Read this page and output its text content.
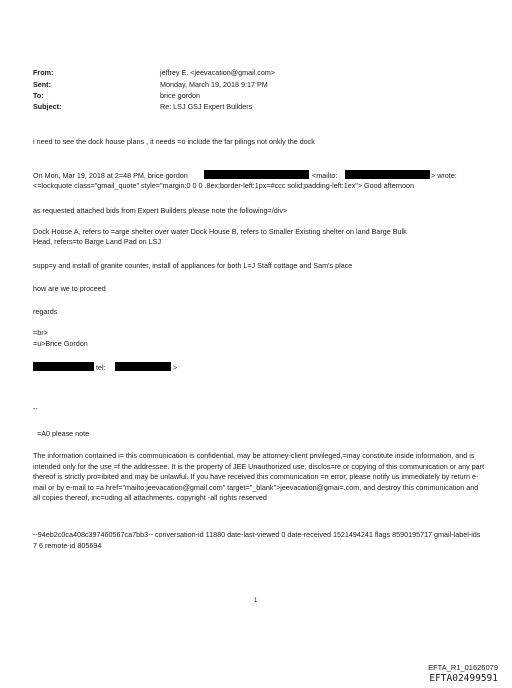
From:	jeffrey E. <jeevacation@gmail.com>
Sent:	Monday, March 19, 2018 9:17 PM
To:	brice gordon
Subject:	Re: LSJ GSJ Expert Builders
i need to see the dock house plans , it needs =o include the far pilings not onkly the dock
On Mon, Mar 19, 2018 at 2=48 PM, brice gordon	<mailto:	> wrote:
<=lockquote class="gmail_quote" style="margin:0 0 0 .8ex;border-left:1px=#ccc solid;padding-left:1ex"> Good afternoon
as requested attached bids from Expert Builders please note the following=/div>
Dock House A, refers to =arge shelter over water Dock House B, refers to Smaller Existing shelter on land Barge Bulk
Head, refers=to Barge Land Pad on LSJ
supp=y and install of granite counter, install of appliances for both L=J Staff cottage and Sam's place
how are we to proceed
regards
=br>
=u>Brice Gordon
tel:	>
--
=A0 please note
The information contained i= this communication is confidential, may be attorney-client privileged,=may constitute inside information, and is intended only for the use =f the addressee. It is the property of JEE Unauthorized use, disclos=re or copying of this communication or any part thereof is strictly pro=ibited and may be unlawful. If you have received this communication =n error, please notify us immediately by return e-mail or by e-mail to =a href="mailto:jeevacation@gmail.com" target="_blank">jeevacation@gmai=.com, and destroy this communication and all copies thereof, inc=uding all attachments. copyright -all rights reserved
--94eb2c0ca408c397460567ca7bb3-- conversation-id 11880 date-last-viewed 0 date-received 1521494241 flags 8590195717 gmail-label-ids 7 6 remote-id 805694
1
EFTA_R1_01626079
EFTA02499591
